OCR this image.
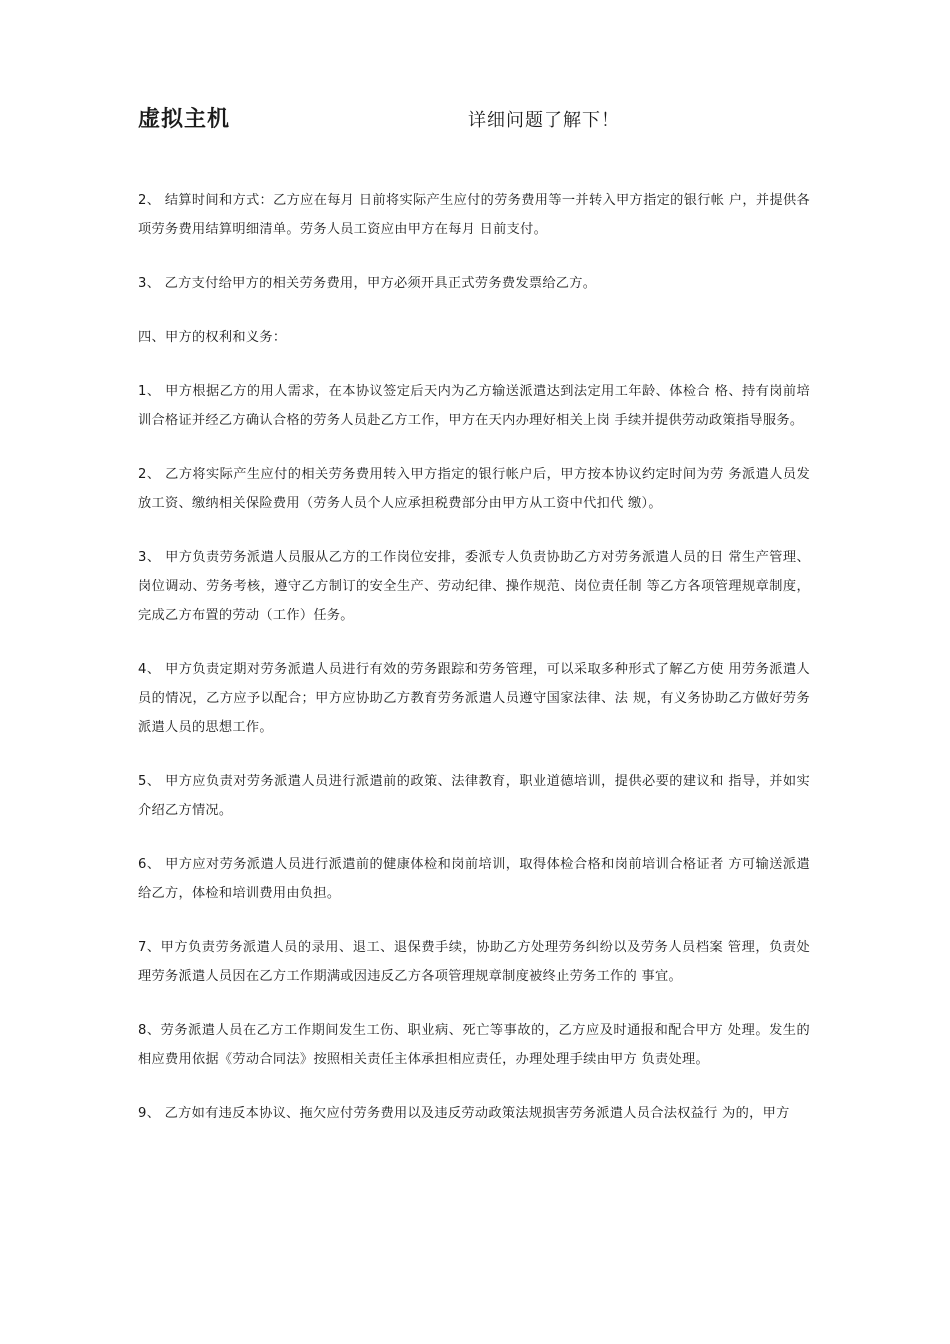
虚拟主机	详细问题了解下！

2、 结算时间和方式：乙方应在每月 日前将实际产生应付的劳务费用等一并转入甲方指定的银行帐 户，并提供各项劳务费用结算明细清单。劳务人员工资应由甲方在每月 日前支付。

3、 乙方支付给甲方的相关劳务费用，甲方必须开具正式劳务费发票给乙方。

四、甲方的权利和义务：

1、 甲方根据乙方的用人需求，在本协议签定后天内为乙方输送派遣达到法定用工年龄、体检合 格、持有岗前培训合格证并经乙方确认合格的劳务人员赴乙方工作，甲方在天内办理好相关上岗 手续并提供劳动政策指导服务。

2、 乙方将实际产生应付的相关劳务费用转入甲方指定的银行帐户后，甲方按本协议约定时间为劳 务派遣人员发放工资、缴纳相关保险费用（劳务人员个人应承担税费部分由甲方从工资中代扣代 缴）。

3、 甲方负责劳务派遣人员服从乙方的工作岗位安排，委派专人负责协助乙方对劳务派遣人员的日 常生产管理、岗位调动、劳务考核，遵守乙方制订的安全生产、劳动纪律、操作规范、岗位责任制 等乙方各项管理规章制度，完成乙方布置的劳动（工作）任务。

4、 甲方负责定期对劳务派遣人员进行有效的劳务跟踪和劳务管理，可以采取多种形式了解乙方使 用劳务派遣人员的情况，乙方应予以配合；甲方应协助乙方教育劳务派遣人员遵守国家法律、法 规，有义务协助乙方做好劳务派遣人员的思想工作。

5、 甲方应负责对劳务派遣人员进行派遣前的政策、法律教育，职业道德培训，提供必要的建议和 指导，并如实介绍乙方情况。

6、 甲方应对劳务派遣人员进行派遣前的健康体检和岗前培训，取得体检合格和岗前培训合格证者 方可输送派遣给乙方，体检和培训费用由负担。

7、甲方负责劳务派遣人员的录用、退工、退保费手续，协助乙方处理劳务纠纷以及劳务人员档案 管理，负责处理劳务派遣人员因在乙方工作期满或因违反乙方各项管理规章制度被终止劳务工作的 事宜。

8、劳务派遣人员在乙方工作期间发生工伤、职业病、死亡等事故的，乙方应及时通报和配合甲方 处理。发生的相应费用依据《劳动合同法》按照相关责任主体承担相应责任，办理处理手续由甲方 负责处理。

9、 乙方如有违反本协议、拖欠应付劳务费用以及违反劳动政策法规损害劳务派遣人员合法权益行 为的，甲方
